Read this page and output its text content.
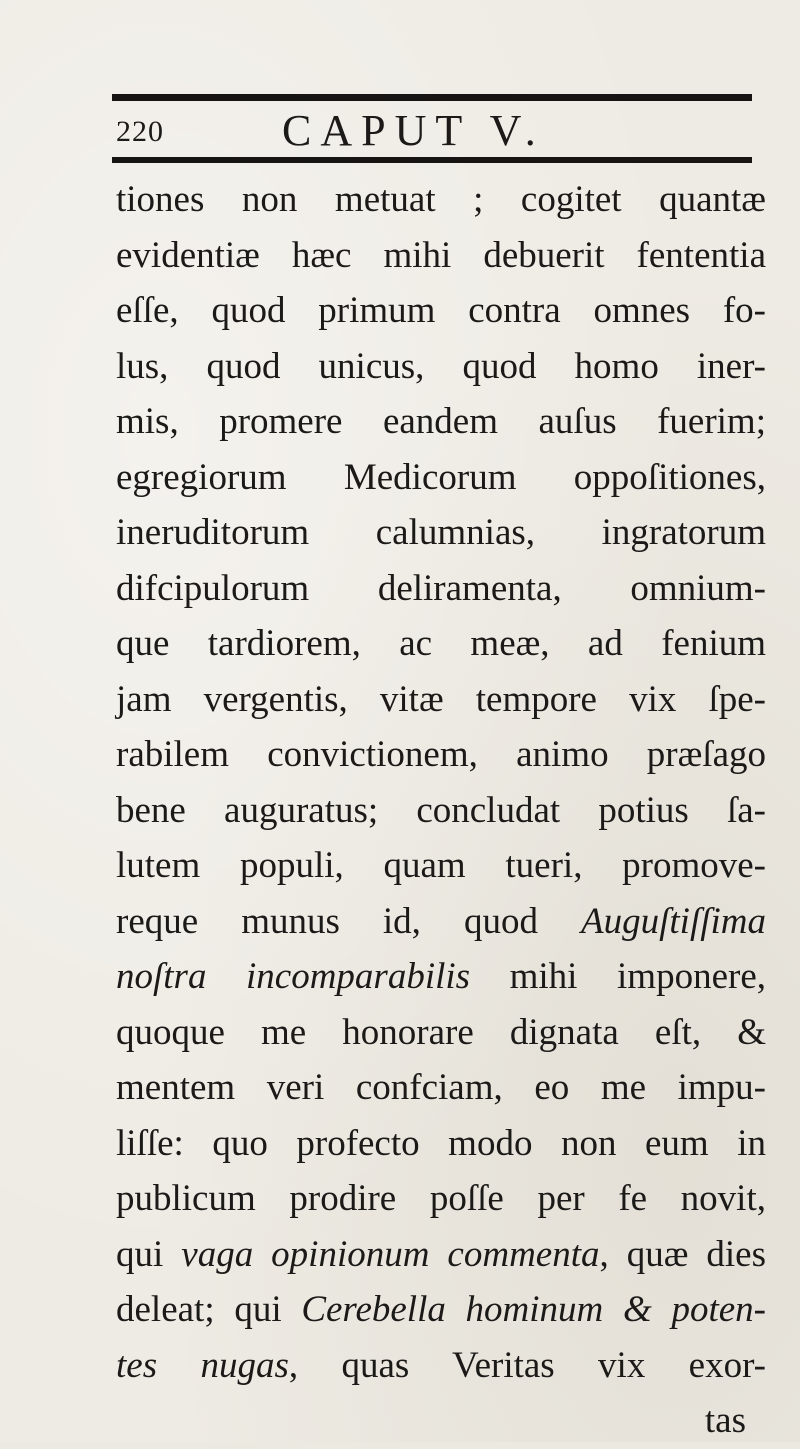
220	CAPUT V.
tiones non metuat ; cogitet quantæ
evidentiæ hæc mihi debuerit fententia
eſſe, quod primum contra omnes fo-
lus, quod unicus, quod homo iner-
mis, promere eandem auſus fuerim;
egregiorum Medicorum oppoſitiones,
ineruditorum calumnias, ingratorum
difcipulorum deliramenta, omnium-
que tardiorem, ac meæ, ad fenium
jam vergentis, vitæ tempore vix ſpe-
rabilem convictionem, animo præſago
bene auguratus; concludat potius ſa-
lutem populi, quam tueri, promove-
reque munus id, quod Auguſtiſſima
noſtra incomparabilis mihi imponere,
quoque me honorare dignata eſt, &
mentem veri confciam, eo me impu-
liſſe: quo profecto modo non eum in
publicum prodire poſſe per fe novit,
qui vaga opinionum commenta, quæ dies
deleat; qui Cerebella hominum & poten-
tes nugas, quas Veritas vix exor-
tas
